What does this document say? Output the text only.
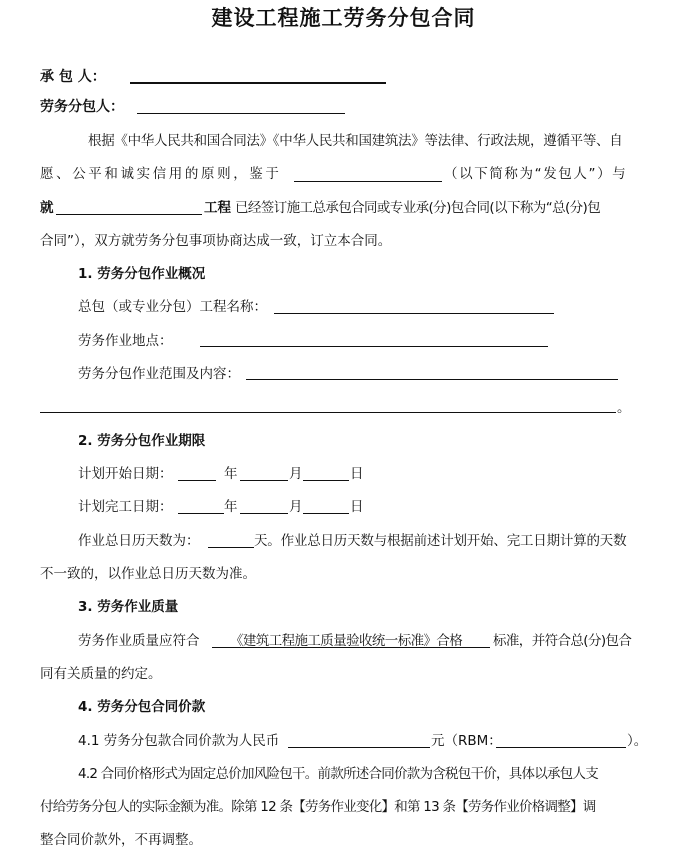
建设工程施工劳务分包合同
承 包 人：
劳务分包人：
根据《中华人民共和国合同法》《中华人民共和国建筑法》等法律、行政法规，遵循平等、自
愿、公平和诚实信用的原则，鉴于	（以下简称为“发包人”）与
就	工程 已经签订施工总承包合同或专业承(分)包合同(以下称为“总(分)包
合同”），双方就劳务分包事项协商达成一致，订立本合同。
1. 劳务分包作业概况
总包（或专业分包）工程名称：
劳务作业地点：
劳务分包作业范围及内容：
。
2. 劳务分包作业期限
计划开始日期：	年	月	日
计划完工日期：	年	月	日
作业总日历天数为：	天。作业总日历天数与根据前述计划开始、完工日期计算的天数
不一致的，以作业总日历天数为准。
3. 劳务作业质量
劳务作业质量应符合 《建筑工程施工质量验收统一标准》合格 标准，并符合总(分)包合
同有关质量的约定。
4. 劳务分包合同价款
4.1 劳务分包款合同价款为人民币	元（RBM：	）。
4.2 合同价格形式为固定总价加风险包干。前款所述合同价款为含税包干价，具体以承包人支
付给劳务分包人的实际金额为准。除第 12 条【劳务作业变化】和第 13 条【劳务作业价格调整】调
整合同价款外，不再调整。
